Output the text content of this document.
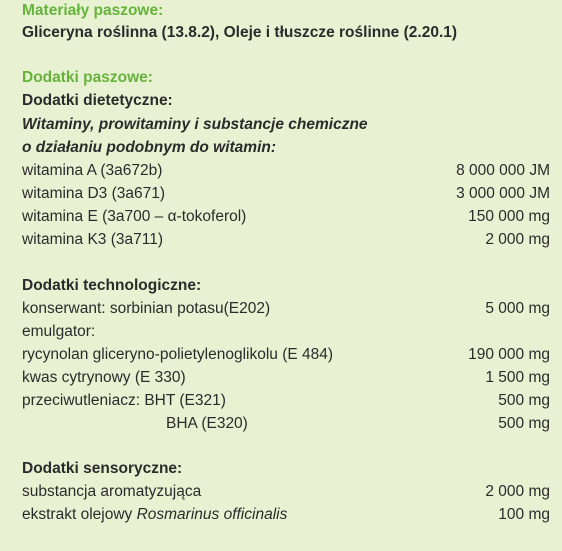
Materiały paszowe:
Gliceryna roślinna (13.8.2), Oleje i tłuszcze roślinne (2.20.1)
Dodatki paszowe:
Dodatki dietetyczne:
Witaminy, prowitaminy i substancje chemiczne
o działaniu podobnym do witamin:
witamina A (3a672b)	8 000 000 JM
witamina D3 (3a671)	3 000 000 JM
witamina E (3a700 – α-tokoferol)	150 000 mg
witamina K3 (3a711)	2 000 mg
Dodatki technologiczne:
konserwant: sorbinian potasu(E202)	5 000 mg
emulgator:
rycynolan gliceryno-polietylenoglikolu (E 484)	190 000 mg
kwas cytrynowy (E 330)	1 500 mg
przeciwutleniacz: BHT (E321)	500 mg
BHA (E320)	500 mg
Dodatki sensoryczne:
substancja aromatyzująca	2 000 mg
ekstrakt olejowy Rosmarinus officinalis	100 mg
